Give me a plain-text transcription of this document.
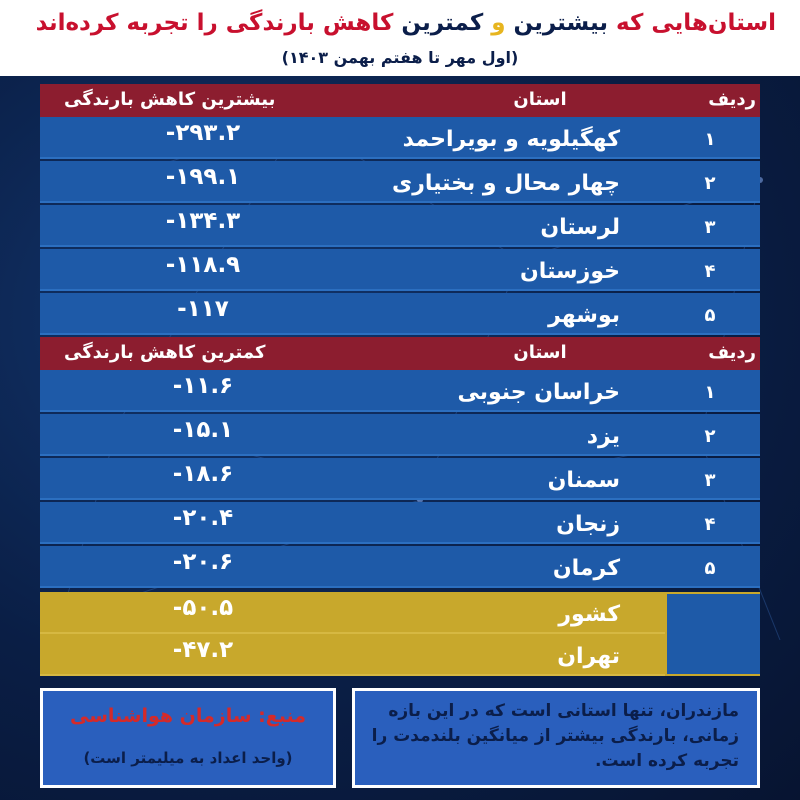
استان‌هایی که بیشترین و کمترین کاهش بارندگی را تجربه کرده‌اند
(اول مهر تا هفتم بهمن ۱۴۰۳)
ردیف
استان
بیشترین کاهش بارندگی
۱
کهگیلویه و بویراحمد
-۲۹۳.۲
۲
چهار محال و بختیاری
-۱۹۹.۱
۳
لرستان
-۱۳۴.۳
۴
خوزستان
-۱۱۸.۹
۵
بوشهر
-۱۱۷
ردیف
استان
کمترین کاهش بارندگی
۱
خراسان جنوبی
-۱۱.۶
۲
یزد
-۱۵.۱
۳
سمنان
-۱۸.۶
۴
زنجان
-۲۰.۴
۵
کرمان
-۲۰.۶
کشور
-۵۰.۵
تهران
-۴۷.۲
منبع: سازمان هواشناسی
(واحد اعداد به میلیمتر است)

مازندران، تنها استانی است که در این بازه زمانی، بارندگی بیشتر از میانگین بلندمدت را تجربه کرده است.
